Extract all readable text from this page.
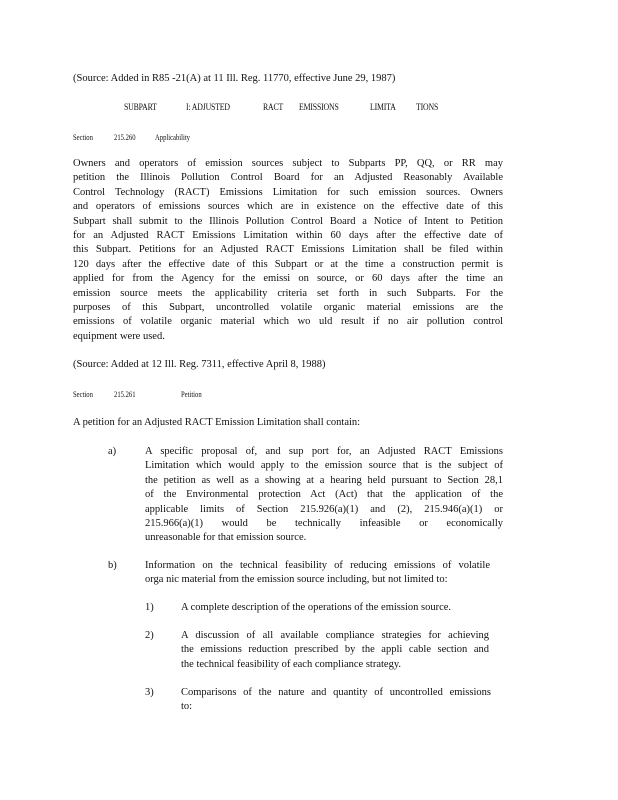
(Source: Added in R85 -21(A) at 11 Ill. Reg. 11770, effective June 29, 1987)
SUBPART	I: ADJUSTED	RACT EMISSIONS	LIMITA TIONS
Section 215.260 Applicability
Owners and operators of emission sources subject to Subparts PP, QQ, or RR may
petition the Illinois Pollution Control Board for an Adjusted Reasonably Available
Control Technology (RACT) Emissions Limitation for such emission sources. Owners
and operators of emissions sources which are in existence on the effective date of this
Subpart shall submit to the Illinois Pollution Control Board a Notice of Intent to Petition
for an Adjusted RACT Emissions Limitation within 60 days after the effective date of
this Subpart. Petitions for an Adjusted RACT Emissions Limitation shall be filed within
120 days after the effective date of this Subpart or at the time a construction permit is
applied for from the Agency for the emissi on source, or 60 days after the time an
emission source meets the applicability criteria set forth in such Subparts. For the
purposes of this Subpart, uncontrolled volatile organic material emissions are the
emissions of volatile organic material which wo uld result if no air pollution control
equipment were used.
(Source: Added at 12 Ill. Reg. 7311, effective April 8, 1988)
Section 215.261	Petition
A petition for an Adjusted RACT Emission Limitation shall contain:
a)	A specific proposal of, and sup port for, an Adjusted RACT Emissions
Limitation which would apply to the emission source that is the subject of
the petition as well as a showing at a hearing held pursuant to Section 28,1
of the Environmental protection Act (Act) that the application of the
applicable limits of Section 215.926(a)(1) and (2), 215.946(a)(1) or
215.966(a)(1) would be technically infeasible or economically
unreasonable for that emission source.
b)	Information on the technical feasibility of reducing emissions of volatile
orga nic material from the emission source including, but not limited to:
1)	A complete description of the operations of the emission source.
2)	A discussion of all available compliance strategies for achieving
the emissions reduction prescribed by the appli cable section and
the technical feasibility of each compliance strategy.
3)	Comparisons of the nature and quantity of uncontrolled emissions
to:
